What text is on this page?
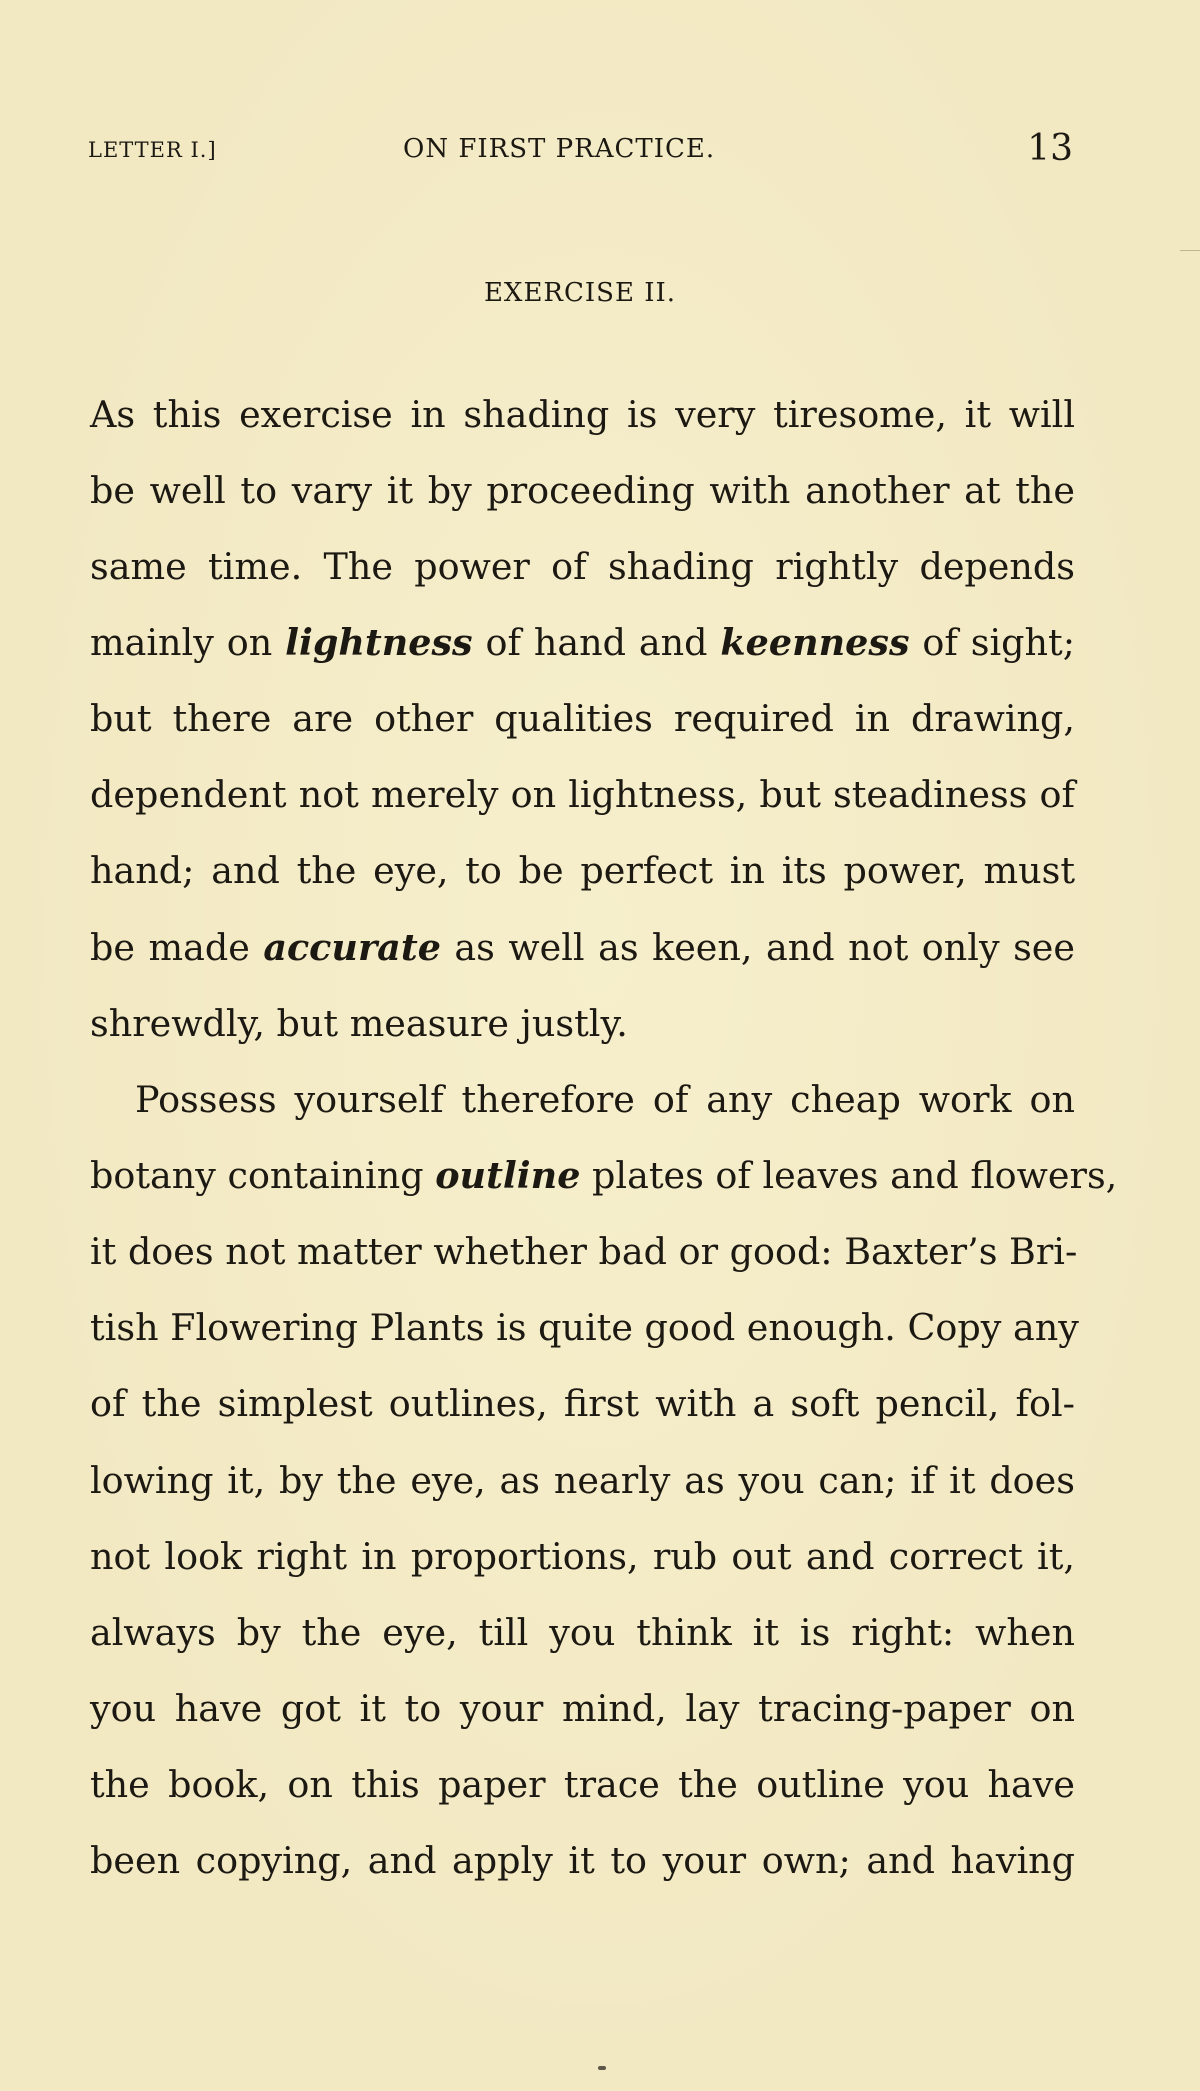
LETTER I.]	ON FIRST PRACTICE.	13
EXERCISE II.
As this exercise in shading is very tiresome, it will
be well to vary it by proceeding with another at the
same time. The power of shading rightly depends
mainly on lightness of hand and keenness of sight;
but there are other qualities required in drawing,
dependent not merely on lightness, but steadiness of
hand; and the eye, to be perfect in its power, must
be made accurate as well as keen, and not only see
shrewdly, but measure justly.
Possess yourself therefore of any cheap work on
botany containing outline plates of leaves and flowers,
it does not matter whether bad or good: Baxter’s Bri-
tish Flowering Plants is quite good enough. Copy any
of the simplest outlines, first with a soft pencil, fol-
lowing it, by the eye, as nearly as you can; if it does
not look right in proportions, rub out and correct it,
always by the eye, till you think it is right: when
you have got it to your mind, lay tracing-paper on
the book, on this paper trace the outline you have
been copying, and apply it to your own; and having
